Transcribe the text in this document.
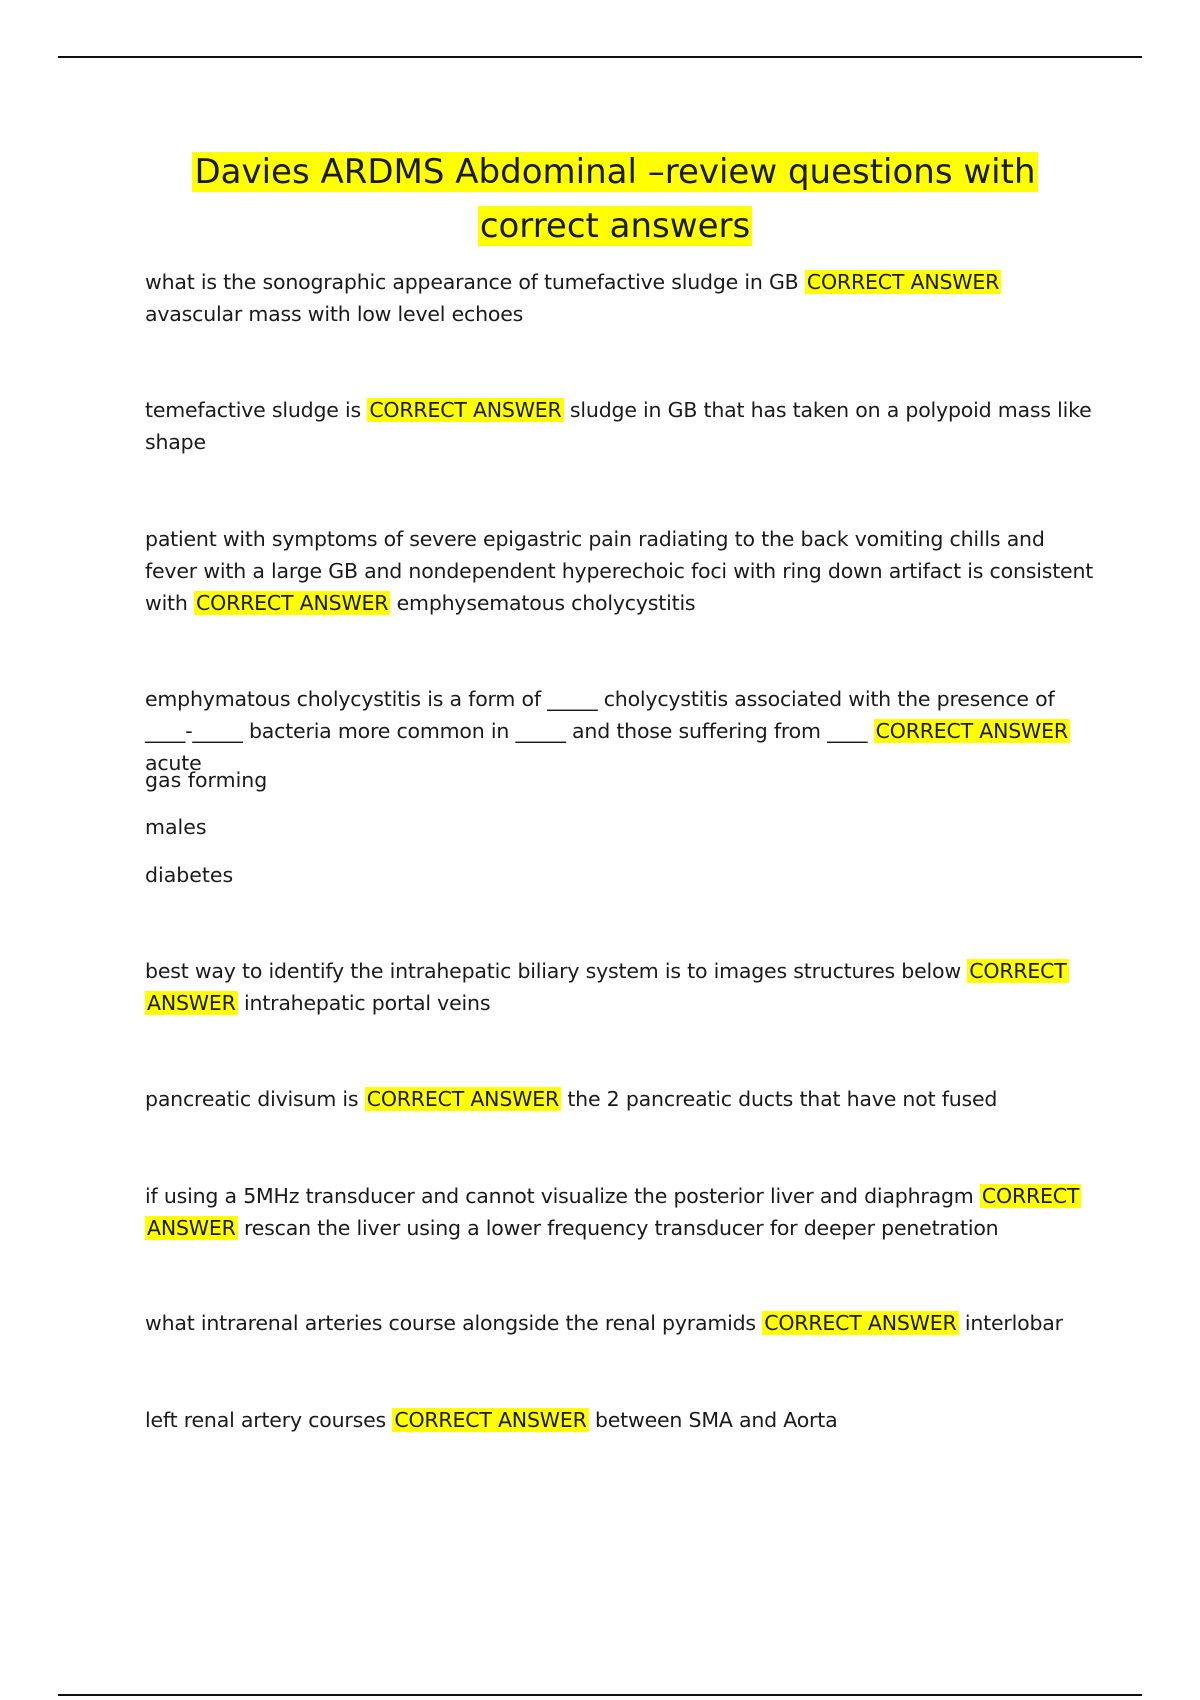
Davies ARDMS Abdominal –review questions with correct answers

what is the sonographic appearance of tumefactive sludge in GB CORRECT ANSWER avascular mass with low level echoes

temefactive sludge is CORRECT ANSWER sludge in GB that has taken on a polypoid mass like shape

patient with symptoms of severe epigastric pain radiating to the back vomiting chills and fever with a large GB and nondependent hyperechoic foci with ring down artifact is consistent with CORRECT ANSWER emphysematous cholycystitis

emphymatous cholycystitis is a form of _____ cholycystitis associated with the presence of ____-_____ bacteria more common in _____ and those suffering from ____ CORRECT ANSWER acute

gas forming

males

diabetes

best way to identify the intrahepatic biliary system is to images structures below CORRECT ANSWER intrahepatic portal veins

pancreatic divisum is CORRECT ANSWER the 2 pancreatic ducts that have not fused

if using a 5MHz transducer and cannot visualize the posterior liver and diaphragm CORRECT ANSWER rescan the liver using a lower frequency transducer for deeper penetration

what intrarenal arteries course alongside the renal pyramids CORRECT ANSWER interlobar

left renal artery courses CORRECT ANSWER between SMA and Aorta
